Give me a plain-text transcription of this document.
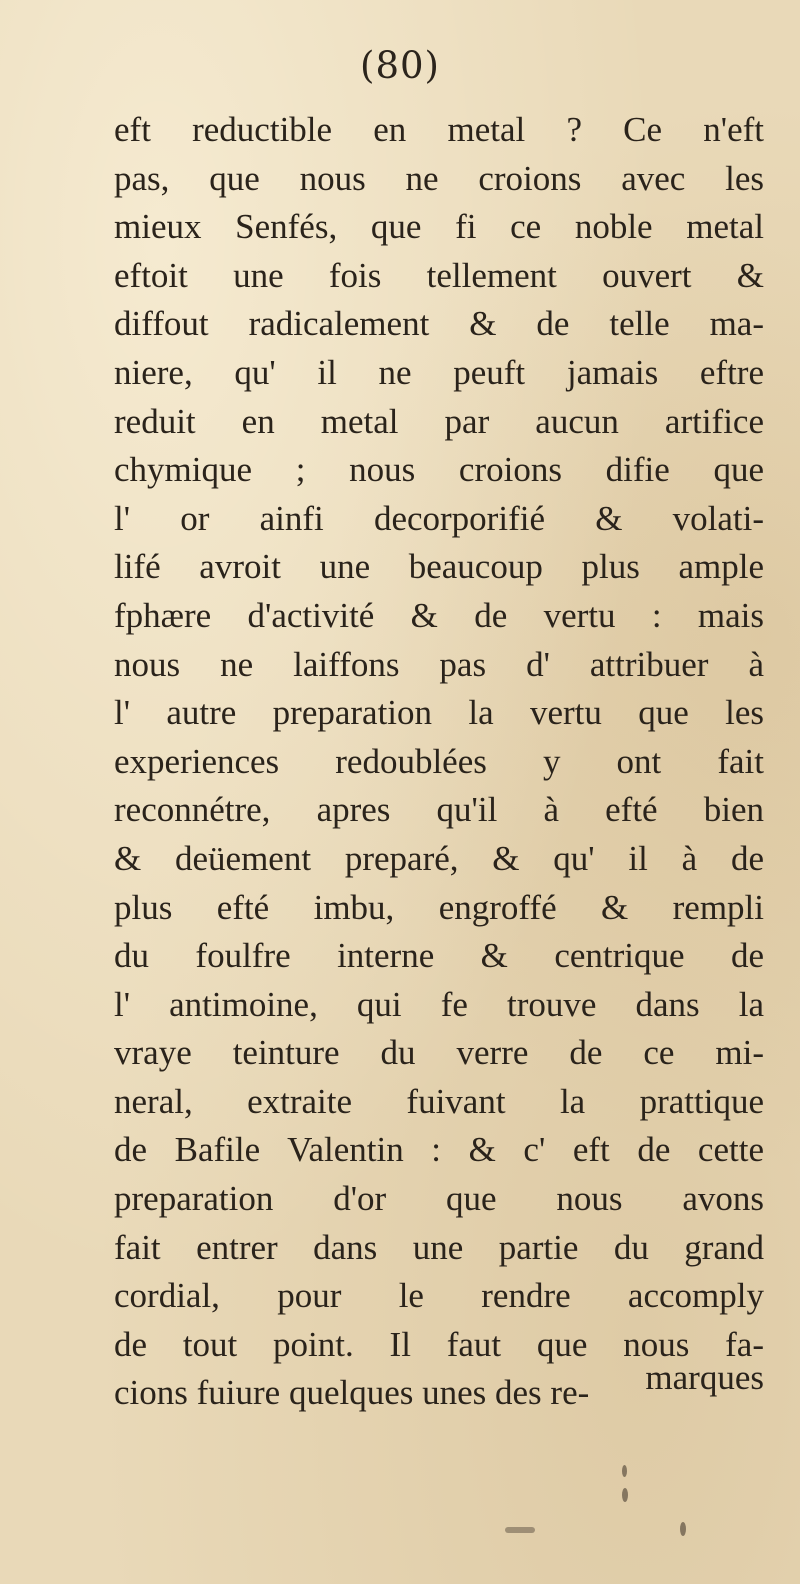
(80)
eft reductible en metal ? Ce n'eft
pas, que nous ne croions avec les
mieux Senfés, que fi ce noble metal
eftoit une fois tellement ouvert &
diffout radicalement & de telle ma-
niere, qu' il ne peuft jamais eftre
reduit en metal par aucun artifice
chymique ; nous croions difie que
l' or ainfi decorporifié & volati-
lifé avroit une beaucoup plus ample
fphære d'activité & de vertu : mais
nous ne laiffons pas d' attribuer à
l' autre preparation la vertu que les
experiences redoublées y ont fait
reconnétre, apres qu'il à efté bien
& deüement preparé, & qu' il à de
plus efté imbu, engroffé & rempli
du foulfre interne & centrique de
l' antimoine, qui fe trouve dans la
vraye teinture du verre de ce mi-
neral, extraite fuivant la prattique
de Bafile Valentin : & c' eft de cette
preparation d'or que nous avons
fait entrer dans une partie du grand
cordial, pour le rendre accomply
de tout point. Il faut que nous fa-
cions fuiure quelques unes des re-	marques
